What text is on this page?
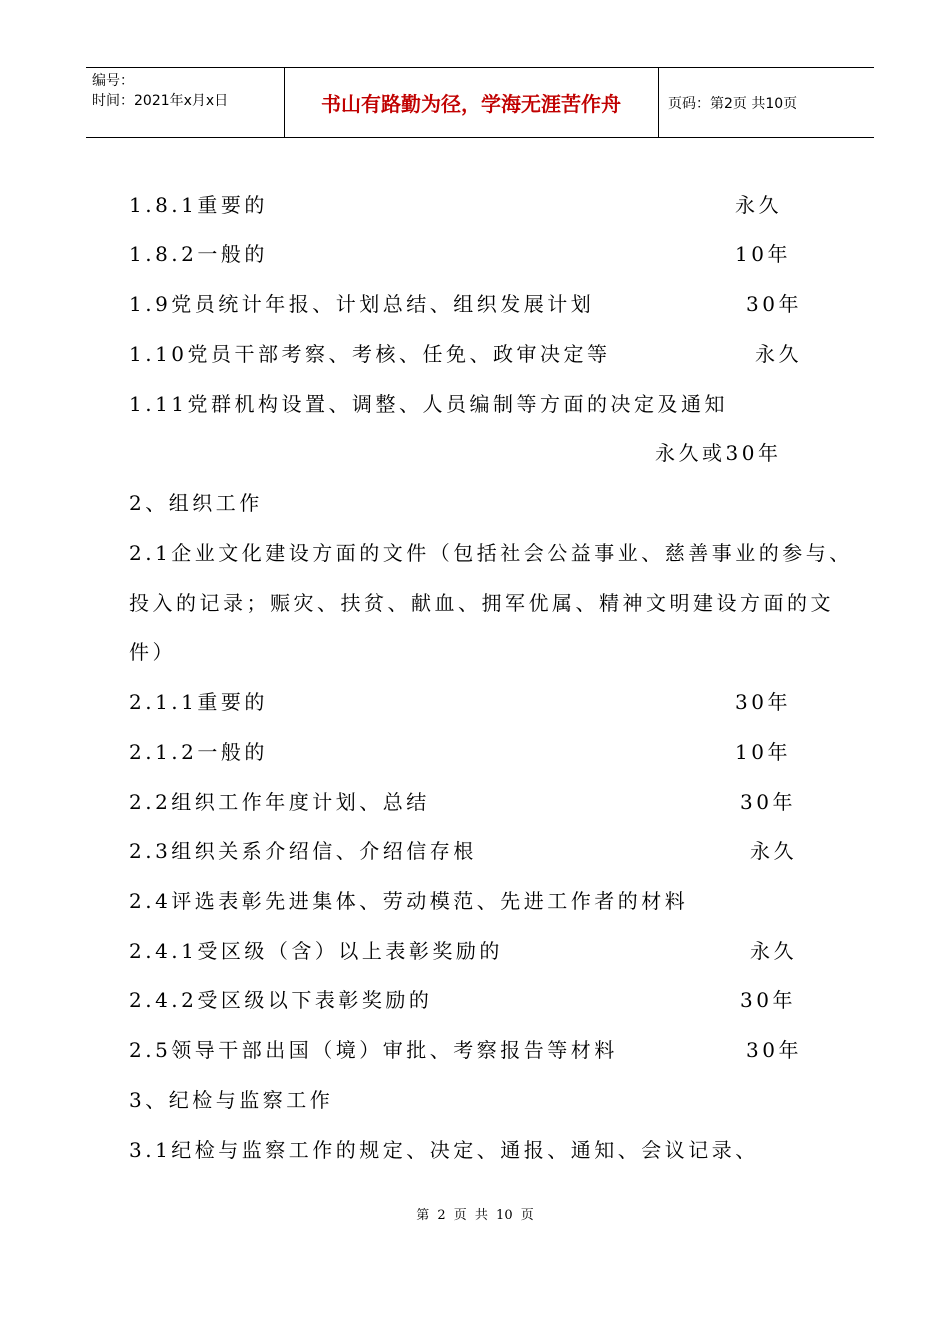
编号：
时间：2021年x月x日	书山有路勤为径，学海无涯苦作舟	页码：第2页 共10页
1.8.1重要的	永久
1.8.2一般的	10年
1.9党员统计年报、计划总结、组织发展计划	30年
1.10党员干部考察、考核、任免、政审决定等	永久
1.11党群机构设置、调整、人员编制等方面的决定及通知
永久或30年
2、组织工作
2.1企业文化建设方面的文件（包括社会公益事业、慈善事业的参与、
投入的记录；赈灾、扶贫、献血、拥军优属、精神文明建设方面的文
件）
2.1.1重要的	30年
2.1.2一般的	10年
2.2组织工作年度计划、总结	30年
2.3组织关系介绍信、介绍信存根	永久
2.4评选表彰先进集体、劳动模范、先进工作者的材料
2.4.1受区级（含）以上表彰奖励的	永久
2.4.2受区级以下表彰奖励的	30年
2.5领导干部出国（境）审批、考察报告等材料	30年
3、纪检与监察工作
3.1纪检与监察工作的规定、决定、通报、通知、会议记录、
第 2 页 共 10 页
